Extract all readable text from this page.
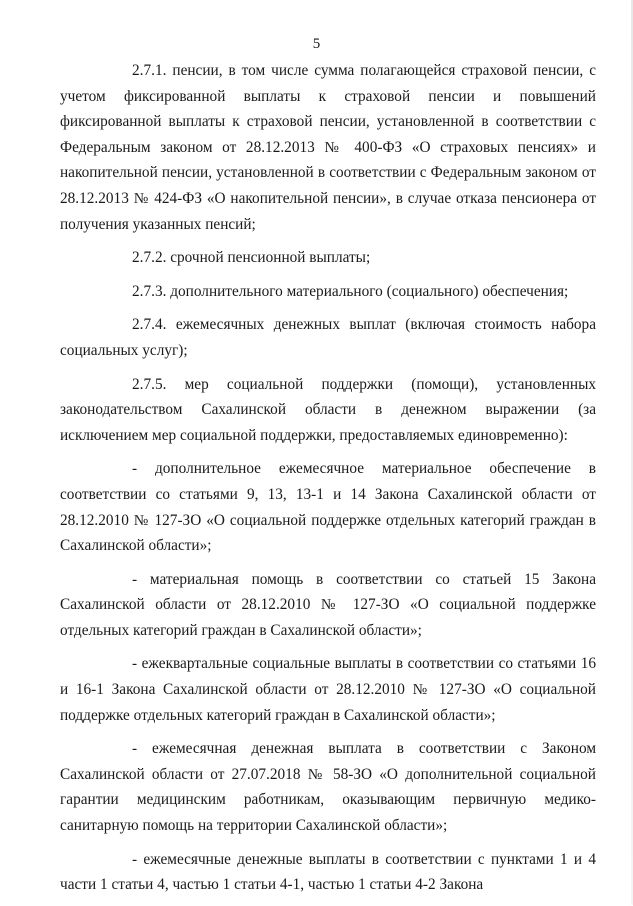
5

2.7.1. пенсии, в том числе сумма полагающейся страховой пенсии, с учетом фиксированной выплаты к страховой пенсии и повышений фиксированной выплаты к страховой пенсии, установленной в соответствии с Федеральным законом от 28.12.2013 № 400-ФЗ «О страховых пенсиях» и накопительной пенсии, установленной в соответствии с Федеральным законом от 28.12.2013 № 424-ФЗ «О накопительной пенсии», в случае отказа пенсионера от получения указанных пенсий;

2.7.2. срочной пенсионной выплаты;

2.7.3. дополнительного материального (социального) обеспечения;

2.7.4. ежемесячных денежных выплат (включая стоимость набора социальных услуг);

2.7.5. мер социальной поддержки (помощи), установленных законодательством Сахалинской области в денежном выражении (за исключением мер социальной поддержки, предоставляемых единовременно):

- дополнительное ежемесячное материальное обеспечение в соответствии со статьями 9, 13, 13-1 и 14 Закона Сахалинской области от 28.12.2010 № 127-ЗО «О социальной поддержке отдельных категорий граждан в Сахалинской области»;

- материальная помощь в соответствии со статьей 15 Закона Сахалинской области от 28.12.2010 № 127-ЗО «О социальной поддержке отдельных категорий граждан в Сахалинской области»;

- ежеквартальные социальные выплаты в соответствии со статьями 16 и 16-1 Закона Сахалинской области от 28.12.2010 № 127-ЗО «О социальной поддержке отдельных категорий граждан в Сахалинской области»;

- ежемесячная денежная выплата в соответствии с Законом Сахалинской области от 27.07.2018 № 58-ЗО «О дополнительной социальной гарантии медицинским работникам, оказывающим первичную медико-санитарную помощь на территории Сахалинской области»;

- ежемесячные денежные выплаты в соответствии с пунктами 1 и 4 части 1 статьи 4, частью 1 статьи 4-1, частью 1 статьи 4-2 Закона
